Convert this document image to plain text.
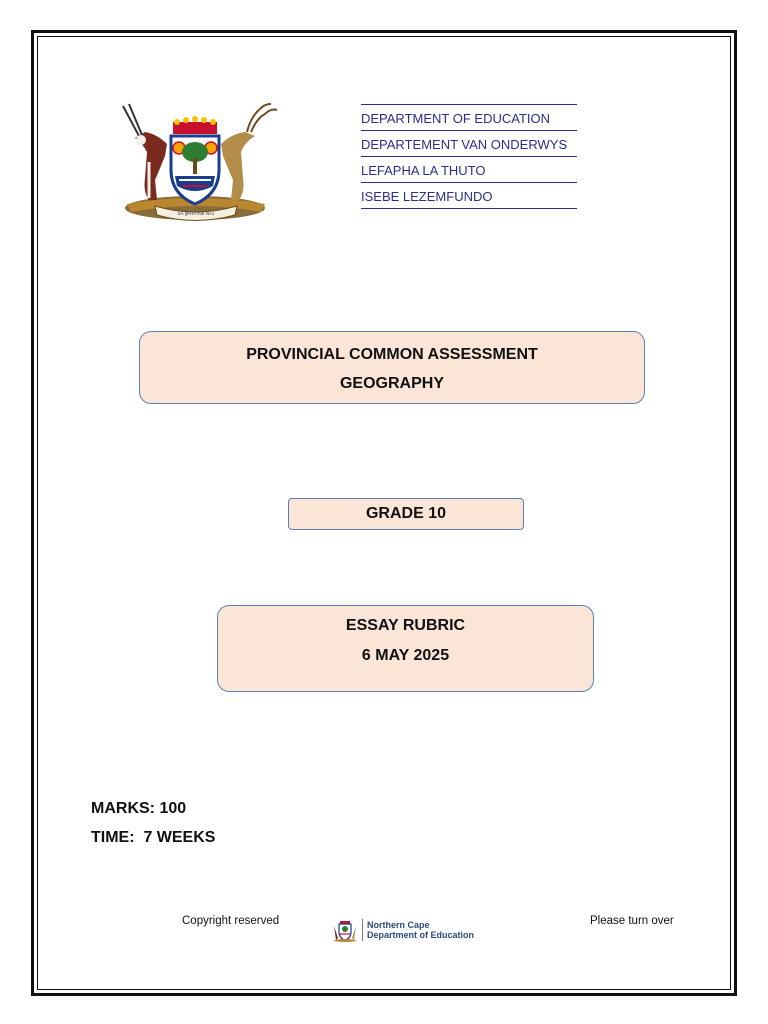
SA ||KHA INK NAJ
DEPARTMENT OF EDUCATION
DEPARTEMENT VAN ONDERWYS
LEFAPHA LA THUTO
ISEBE LEZEMFUNDO
PROVINCIAL COMMON ASSESSMENT
GEOGRAPHY
GRADE 10
ESSAY RUBRIC
6 MAY 2025
MARKS: 100
TIME:  7 WEEKS
Copyright reserved	Northern Cape
Department of Education
Please turn over
